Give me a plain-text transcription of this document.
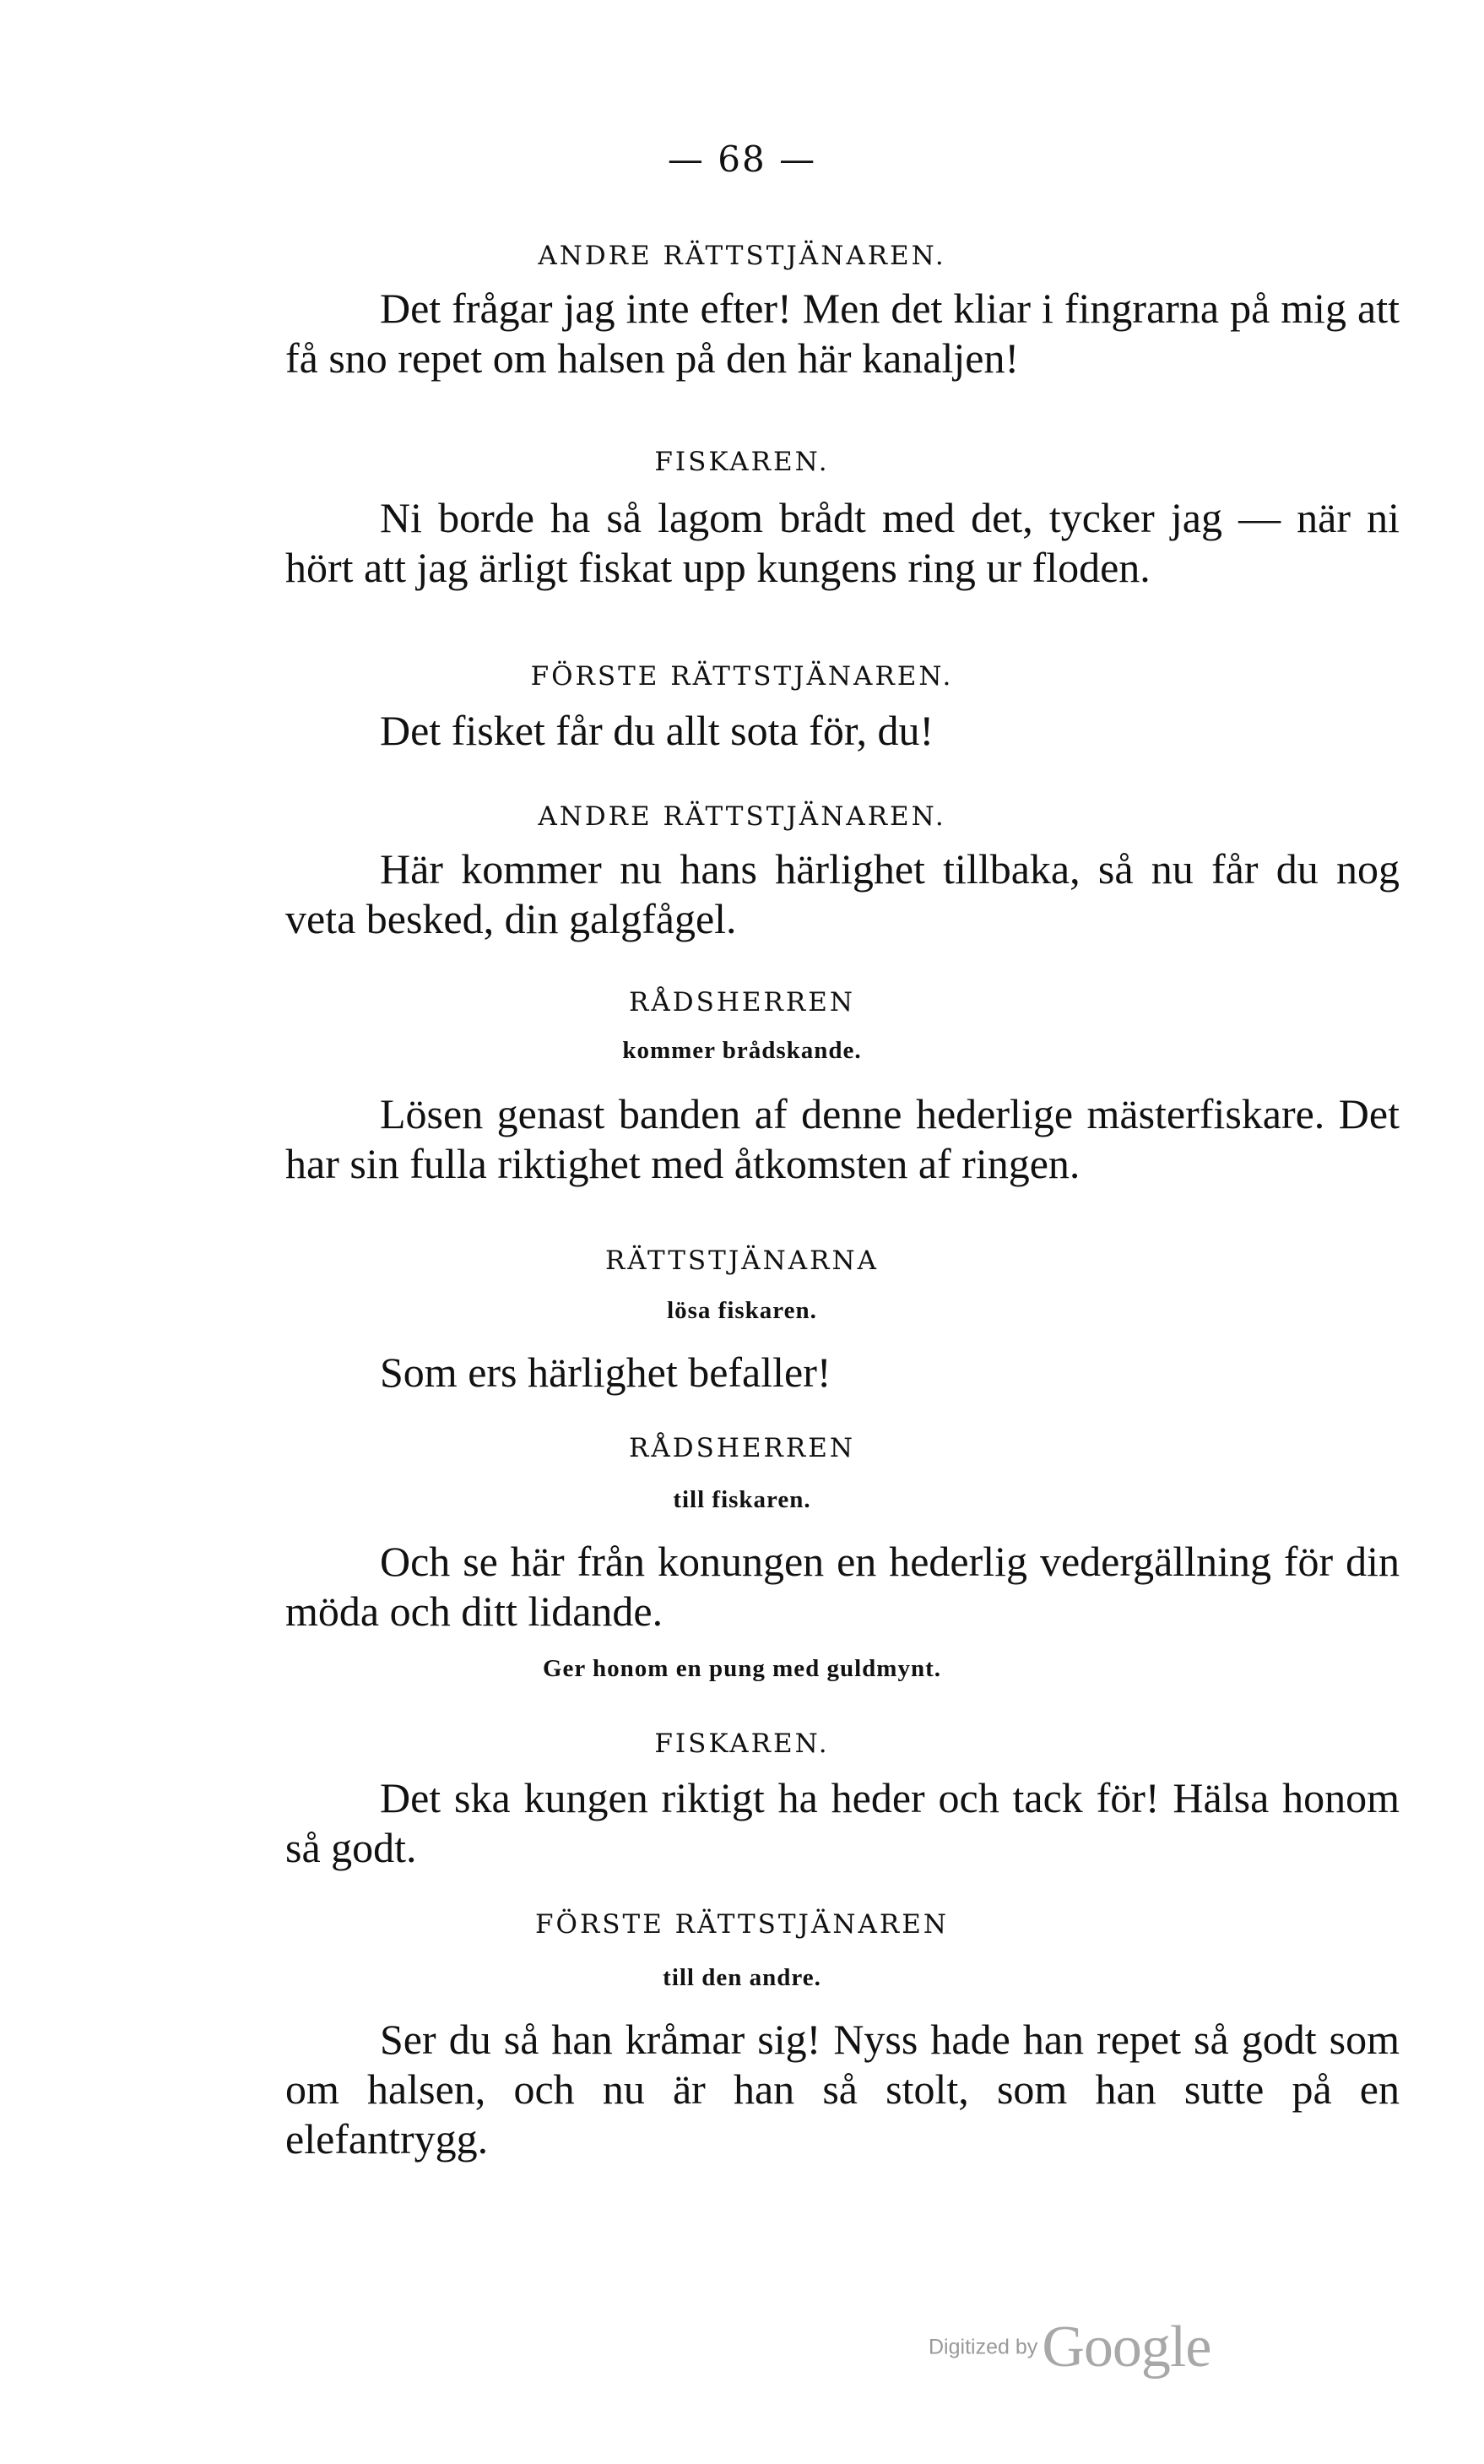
— 68 —
ANDRE RÄTTSTJÄNAREN.

Det frågar jag inte efter! Men det kliar i fingrarna på mig att få sno repet om halsen på den här kanaljen!

FISKAREN.

Ni borde ha så lagom brådt med det, tycker jag — när ni hört att jag ärligt fiskat upp kungens ring ur floden.

FÖRSTE RÄTTSTJÄNAREN.

Det fisket får du allt sota för, du!

ANDRE RÄTTSTJÄNAREN.

Här kommer nu hans härlighet tillbaka, så nu får du nog veta besked, din galgfågel.

RÅDSHERREN
kommer brådskande.

Lösen genast banden af denne hederlige mästerfiskare. Det har sin fulla riktighet med åtkomsten af ringen.

RÄTTSTJÄNARNA
lösa fiskaren.

Som ers härlighet befaller!

RÅDSHERREN
till fiskaren.

Och se här från konungen en hederlig vedergällning för din möda och ditt lidande.

Ger honom en pung med guldmynt.
FISKAREN.

Det ska kungen riktigt ha heder och tack för! Hälsa honom så godt.

FÖRSTE RÄTTSTJÄNAREN
till den andre.

Ser du så han kråmar sig! Nyss hade han repet så godt som om halsen, och nu är han så stolt, som han sutte på en elefantrygg.

Digitized by Google
